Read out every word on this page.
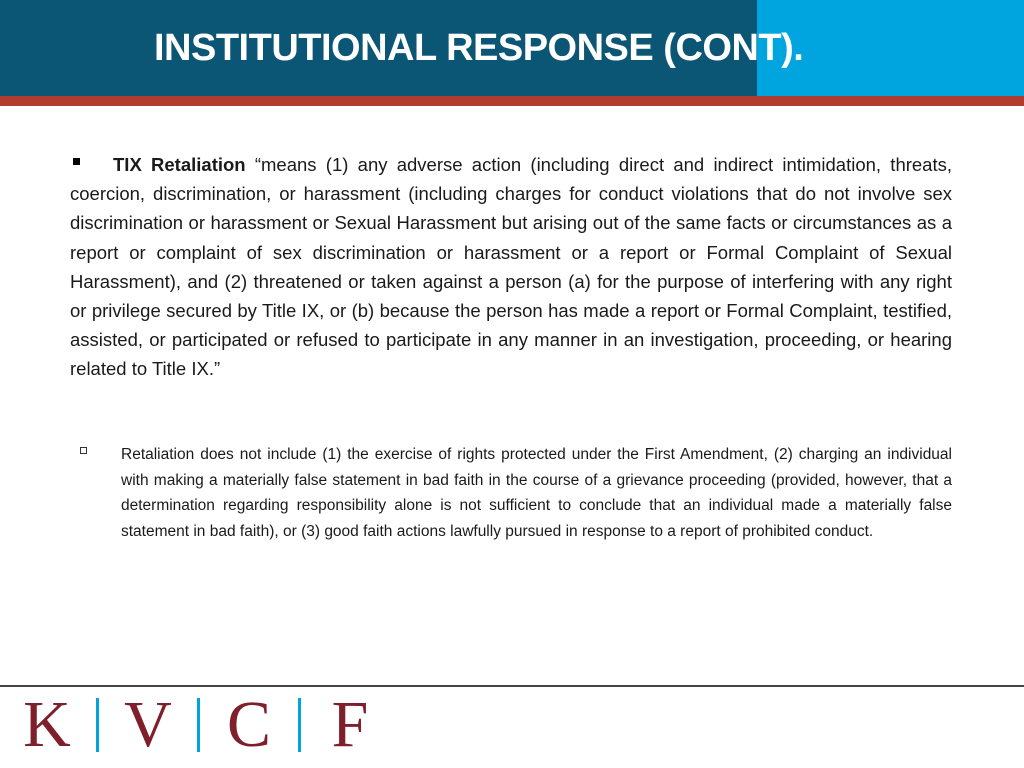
INSTITUTIONAL RESPONSE (CONT).

TIX Retaliation “means (1) any adverse action (including direct and indirect intimidation, threats, coercion, discrimination, or harassment (including charges for conduct violations that do not involve sex discrimination or harassment or Sexual Harassment but arising out of the same facts or circumstances as a report or complaint of sex discrimination or harassment or a report or Formal Complaint of Sexual Harassment), and (2) threatened or taken against a person (a) for the purpose of interfering with any right or privilege secured by Title IX, or (b) because the person has made a report or Formal Complaint, testified, assisted, or participated or refused to participate in any manner in an investigation, proceeding, or hearing related to Title IX.”

Retaliation does not include (1) the exercise of rights protected under the First Amendment, (2) charging an individual with making a materially false statement in bad faith in the course of a grievance proceeding (provided, however, that a determination regarding responsibility alone is not sufficient to conclude that an individual made a materially false statement in bad faith), or (3) good faith actions lawfully pursued in response to a report of prohibited conduct.

K V C F
